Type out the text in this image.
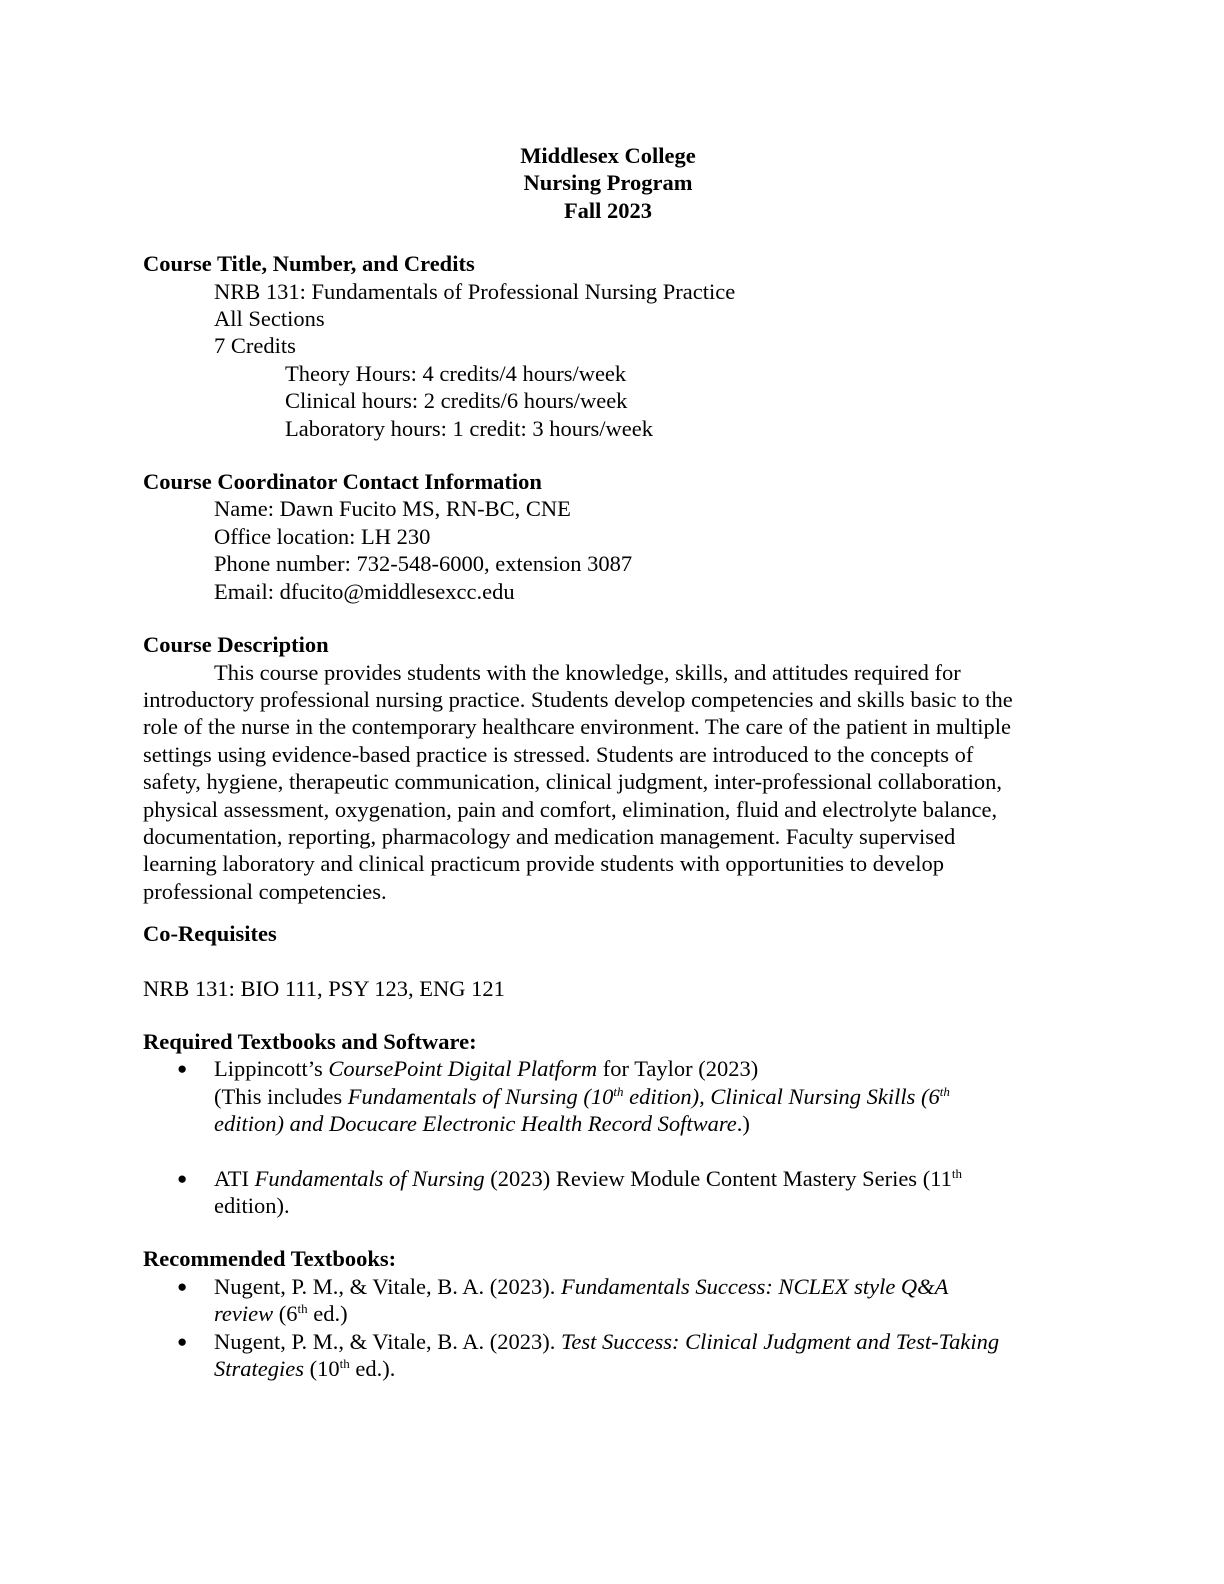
Middlesex College
Nursing Program
Fall 2023
Course Title, Number, and Credits
NRB 131: Fundamentals of Professional Nursing Practice
All Sections
7 Credits
Theory Hours: 4 credits/4 hours/week
Clinical hours: 2 credits/6 hours/week
Laboratory hours: 1 credit: 3 hours/week
Course Coordinator Contact Information
Name: Dawn Fucito MS, RN-BC, CNE
Office location: LH 230
Phone number: 732-548-6000, extension 3087
Email: dfucito@middlesexcc.edu
Course Description
This course provides students with the knowledge, skills, and attitudes required for
introductory professional nursing practice. Students develop competencies and skills basic to the
role of the nurse in the contemporary healthcare environment. The care of the patient in multiple
settings using evidence-based practice is stressed. Students are introduced to the concepts of
safety, hygiene, therapeutic communication, clinical judgment, inter-professional collaboration,
physical assessment, oxygenation, pain and comfort, elimination, fluid and electrolyte balance,
documentation, reporting, pharmacology and medication management. Faculty supervised
learning laboratory and clinical practicum provide students with opportunities to develop
professional competencies.
Co-Requisites
NRB 131: BIO 111, PSY 123, ENG 121
Required Textbooks and Software:
● Lippincott’s CoursePoint Digital Platform for Taylor (2023)
(This includes Fundamentals of Nursing (10th edition), Clinical Nursing Skills (6th
edition) and Docucare Electronic Health Record Software.)
● ATI Fundamentals of Nursing (2023) Review Module Content Mastery Series (11th
edition).
Recommended Textbooks:
● Nugent, P. M., & Vitale, B. A. (2023). Fundamentals Success: NCLEX style Q&A
review (6th ed.)
● Nugent, P. M., & Vitale, B. A. (2023). Test Success: Clinical Judgment and Test-Taking
Strategies (10th ed.).
